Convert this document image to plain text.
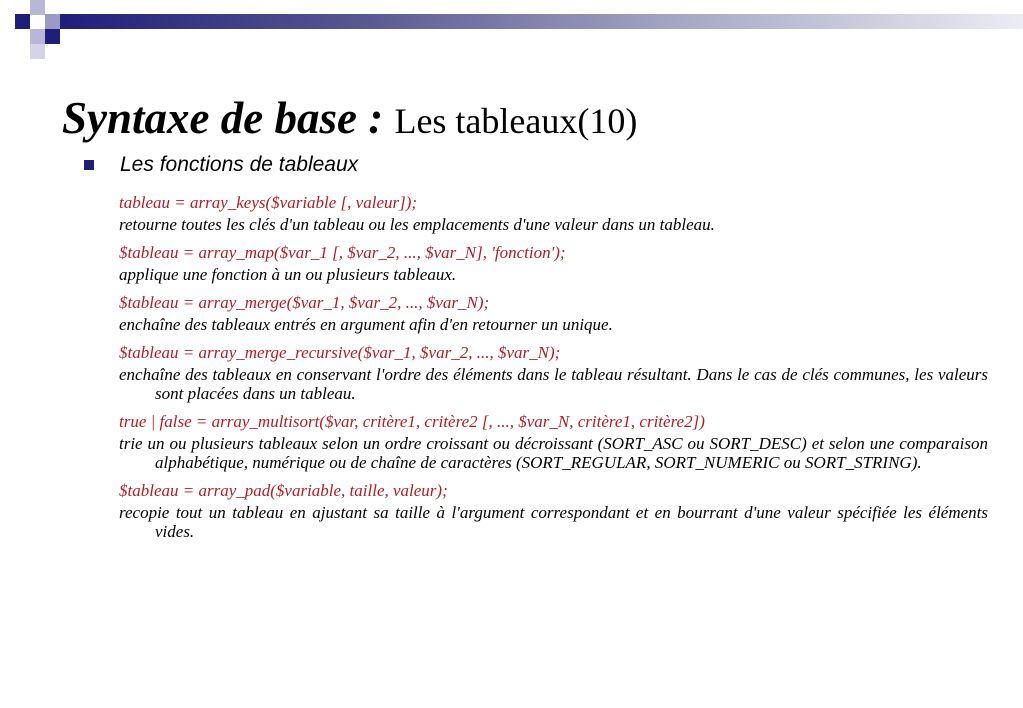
Syntaxe de base : Les tableaux(10)
Les fonctions de tableaux

tableau = array_keys($variable [, valeur]);

retourne toutes les clés d'un tableau ou les emplacements d'une valeur dans un tableau.

$tableau = array_map($var_1 [, $var_2, ..., $var_N], 'fonction');

applique une fonction à un ou plusieurs tableaux.

$tableau = array_merge($var_1, $var_2, ..., $var_N);

enchaîne des tableaux entrés en argument afin d'en retourner un unique.

$tableau = array_merge_recursive($var_1, $var_2, ..., $var_N);

enchaîne des tableaux en conservant l'ordre des éléments dans le tableau résultant. Dans le cas de clés communes, les valeurs sont placées dans un tableau.

true | false = array_multisort($var, critère1, critère2 [, ..., $var_N, critère1, critère2])

trie un ou plusieurs tableaux selon un ordre croissant ou décroissant (SORT_ASC ou SORT_DESC) et selon une comparaison alphabétique, numérique ou de chaîne de caractères (SORT_REGULAR, SORT_NUMERIC ou SORT_STRING).

$tableau = array_pad($variable, taille, valeur);

recopie tout un tableau en ajustant sa taille à l'argument correspondant et en bourrant d'une valeur spécifiée les éléments vides.
